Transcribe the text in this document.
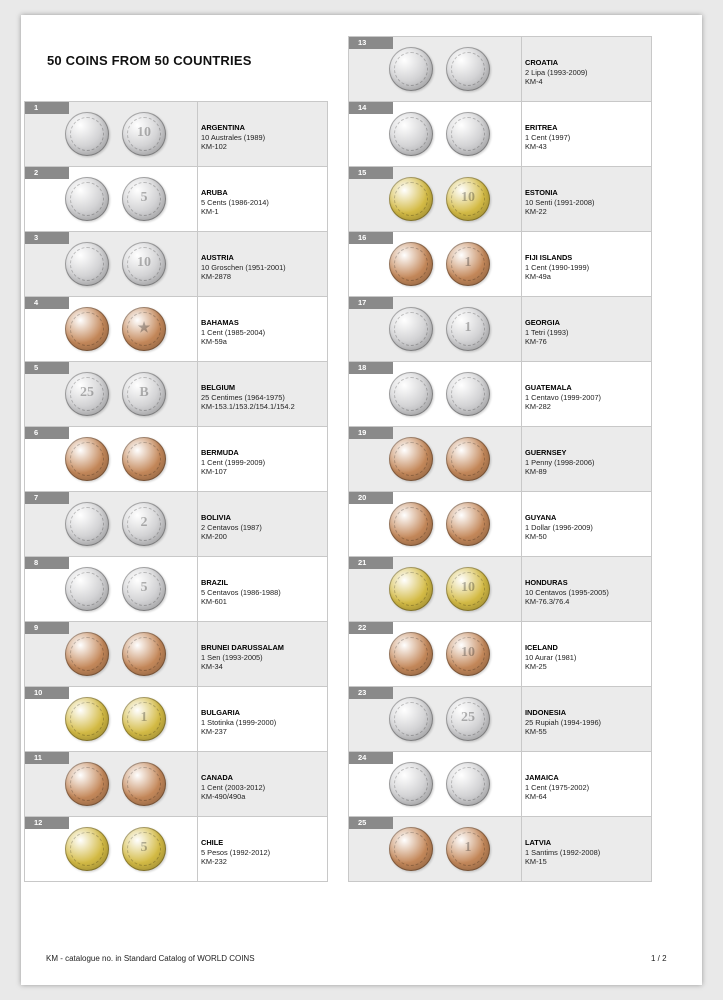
50 COINS FROM 50 COUNTRIES
1
10	ARGENTINA
10 Australes (1989)
KM-102
2
5	ARUBA
5 Cents (1986-2014)
KM-1
3
10	AUSTRIA
10 Groschen (1951-2001)
KM-2878
4
★	BAHAMAS
1 Cent (1985-2004)
KM-59a
5
25	B	BELGIUM
25 Centimes (1964-1975)
KM-153.1/153.2/154.1/154.2
6
BERMUDA
1 Cent (1999-2009)
KM-107
7
2	BOLIVIA
2 Centavos (1987)
KM-200
8
5	BRAZIL
5 Centavos (1986-1988)
KM-601
9
BRUNEI DARUSSALAM
1 Sen (1993-2005)
KM-34
10
1	BULGARIA
1 Stotinka (1999-2000)
KM-237
11
CANADA
1 Cent (2003-2012)
KM-490/490a
12
5	CHILE
5 Pesos (1992-2012)
KM-232
13
CROATIA
2 Lipa (1993-2009)
KM-4
14
ERITREA
1 Cent (1997)
KM-43
15
10	ESTONIA
10 Senti (1991-2008)
KM-22
16
1	FIJI ISLANDS
1 Cent (1990-1999)
KM-49a
17
1	GEORGIA
1 Tetri (1993)
KM-76
18
GUATEMALA
1 Centavo (1999-2007)
KM-282
19
GUERNSEY
1 Penny (1998-2006)
KM-89
20
GUYANA
1 Dollar (1996-2009)
KM-50
21
10	HONDURAS
10 Centavos (1995-2005)
KM-76.3/76.4
22
10	ICELAND
10 Aurar (1981)
KM-25
23
25	INDONESIA
25 Rupiah (1994-1996)
KM-55
24
JAMAICA
1 Cent (1975-2002)
KM-64
25
1	LATVIA
1 Santims (1992-2008)
KM-15
KM - catalogue no. in Standard Catalog of WORLD COINS	1 / 2
